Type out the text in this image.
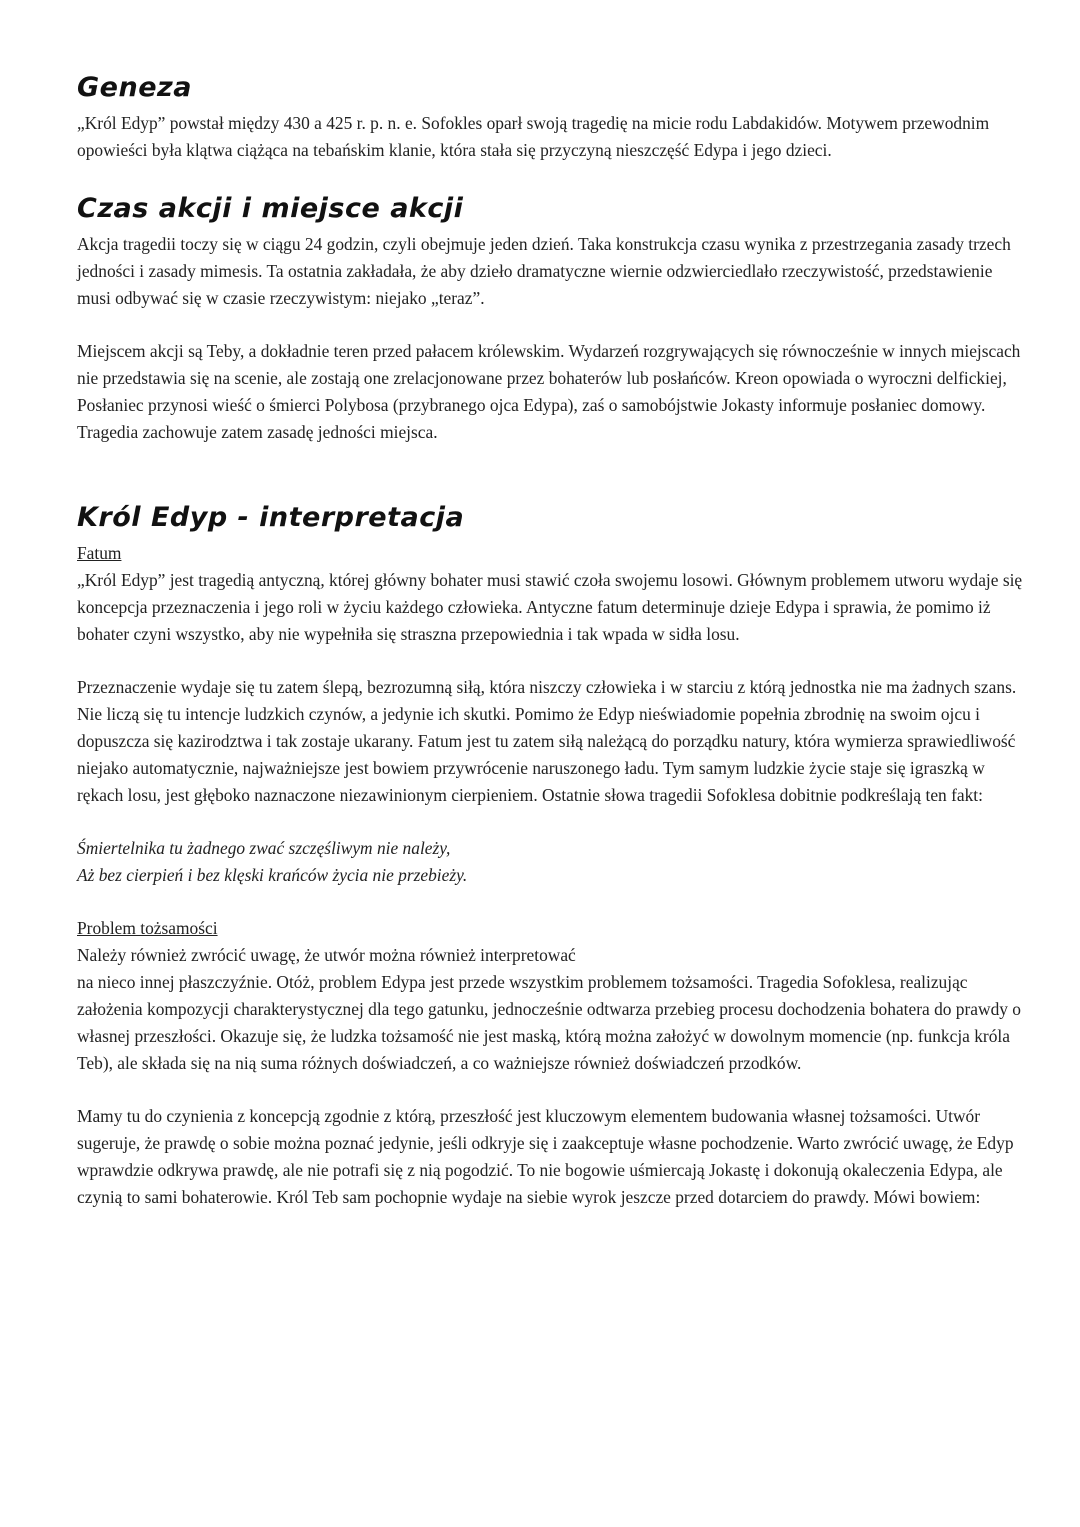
Geneza

„Król Edyp” powstał między 430 a 425 r. p. n. e. Sofokles oparł swoją tragedię na micie rodu Labdakidów. Motywem przewodnim opowieści była klątwa ciążąca na tebańskim klanie, która stała się przyczyną nieszczęść Edypa i jego dzieci.

Czas akcji i miejsce akcji

Akcja tragedii toczy się w ciągu 24 godzin, czyli obejmuje jeden dzień. Taka konstrukcja czasu wynika z przestrzegania zasady trzech jedności i zasady mimesis. Ta ostatnia zakładała, że aby dzieło dramatyczne wiernie odzwierciedlało rzeczywistość, przedstawienie musi odbywać się w czasie rzeczywistym: niejako „teraz”.

Miejscem akcji są Teby, a dokładnie teren przed pałacem królewskim. Wydarzeń rozgrywających się równocześnie w innych miejscach nie przedstawia się na scenie, ale zostają one zrelacjonowane przez bohaterów lub posłańców. Kreon opowiada o wyroczni delfickiej, Posłaniec przynosi wieść o śmierci Polybosa (przybranego ojca Edypa), zaś o samobójstwie Jokasty informuje posłaniec domowy. Tragedia zachowuje zatem zasadę jedności miejsca.

Król Edyp - interpretacja

Fatum

„Król Edyp” jest tragedią antyczną, której główny bohater musi stawić czoła swojemu losowi. Głównym problemem utworu wydaje się koncepcja przeznaczenia i jego roli w życiu każdego człowieka. Antyczne fatum determinuje dzieje Edypa i sprawia, że pomimo iż bohater czyni wszystko, aby nie wypełniła się straszna przepowiednia i tak wpada w sidła losu.

Przeznaczenie wydaje się tu zatem ślepą, bezrozumną siłą, która niszczy człowieka i w starciu z którą jednostka nie ma żadnych szans. Nie liczą się tu intencje ludzkich czynów, a jedynie ich skutki. Pomimo że Edyp nieświadomie popełnia zbrodnię na swoim ojcu i dopuszcza się kazirodztwa i tak zostaje ukarany. Fatum jest tu zatem siłą należącą do porządku natury, która wymierza sprawiedliwość niejako automatycznie, najważniejsze jest bowiem przywrócenie naruszonego ładu. Tym samym ludzkie życie staje się igraszką w rękach losu, jest głęboko naznaczone niezawinionym cierpieniem. Ostatnie słowa tragedii Sofoklesa dobitnie podkreślają ten fakt:

Śmiertelnika tu żadnego zwać szczęśliwym nie należy,

Aż bez cierpień i bez klęski krańców życia nie przebieży.

Problem tożsamości

Należy również zwrócić uwagę, że utwór można również interpretować

na nieco innej płaszczyźnie. Otóż, problem Edypa jest przede wszystkim problemem tożsamości. Tragedia Sofoklesa, realizując założenia kompozycji charakterystycznej dla tego gatunku, jednocześnie odtwarza przebieg procesu dochodzenia bohatera do prawdy o własnej przeszłości. Okazuje się, że ludzka tożsamość nie jest maską, którą można założyć w dowolnym momencie (np. funkcja króla Teb), ale składa się na nią suma różnych doświadczeń, a co ważniejsze również doświadczeń przodków.

Mamy tu do czynienia z koncepcją zgodnie z którą, przeszłość jest kluczowym elementem budowania własnej tożsamości. Utwór sugeruje, że prawdę o sobie można poznać jedynie, jeśli odkryje się i zaakceptuje własne pochodzenie. Warto zwrócić uwagę, że Edyp wprawdzie odkrywa prawdę, ale nie potrafi się z nią pogodzić. To nie bogowie uśmiercają Jokastę i dokonują okaleczenia Edypa, ale czynią to sami bohaterowie. Król Teb sam pochopnie wydaje na siebie wyrok jeszcze przed dotarciem do prawdy. Mówi bowiem:
